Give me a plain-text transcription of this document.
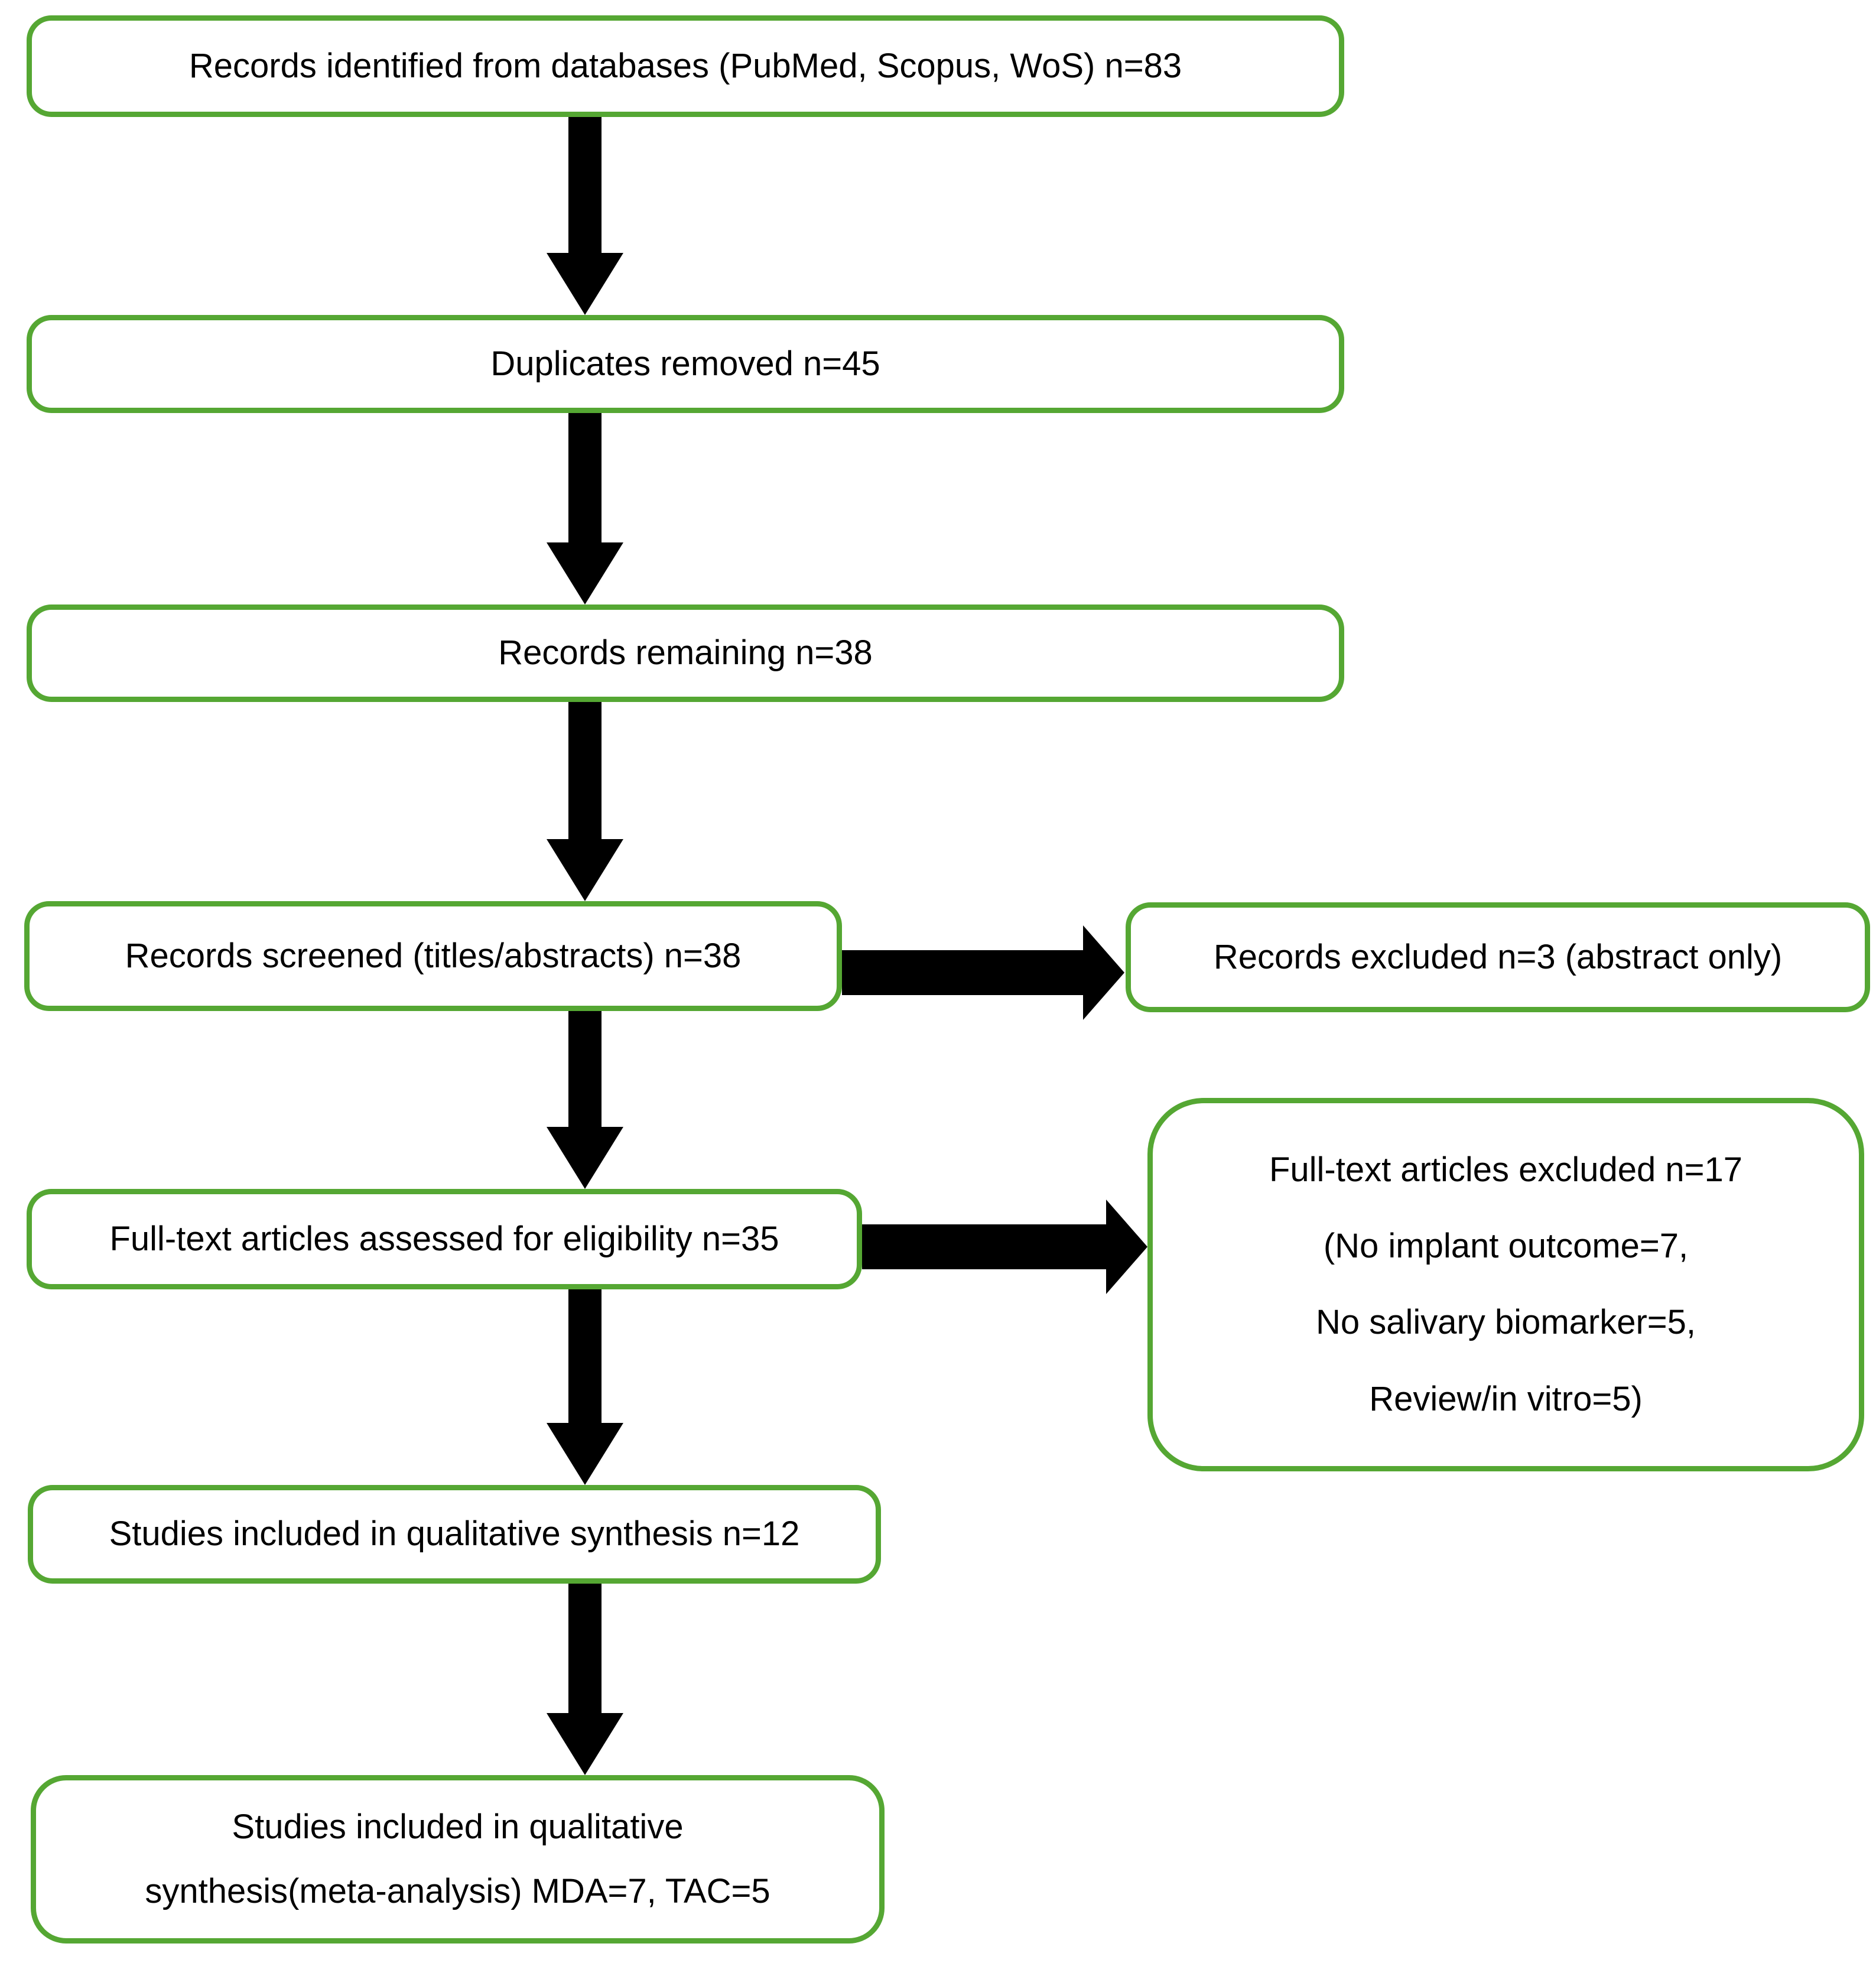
Records identified from databases (PubMed, Scopus, WoS) n=83
Duplicates removed n=45
Records remaining n=38
Records screened (titles/abstracts) n=38	Records excluded n=3 (abstract only)
Full-text articles assessed for eligibility n=35
Full-text articles excluded n=17
(No implant outcome=7,
No salivary biomarker=5,
Review/in vitro=5)
Studies included in qualitative synthesis n=12
Studies included in qualitative
synthesis(meta-analysis) MDA=7, TAC=5
